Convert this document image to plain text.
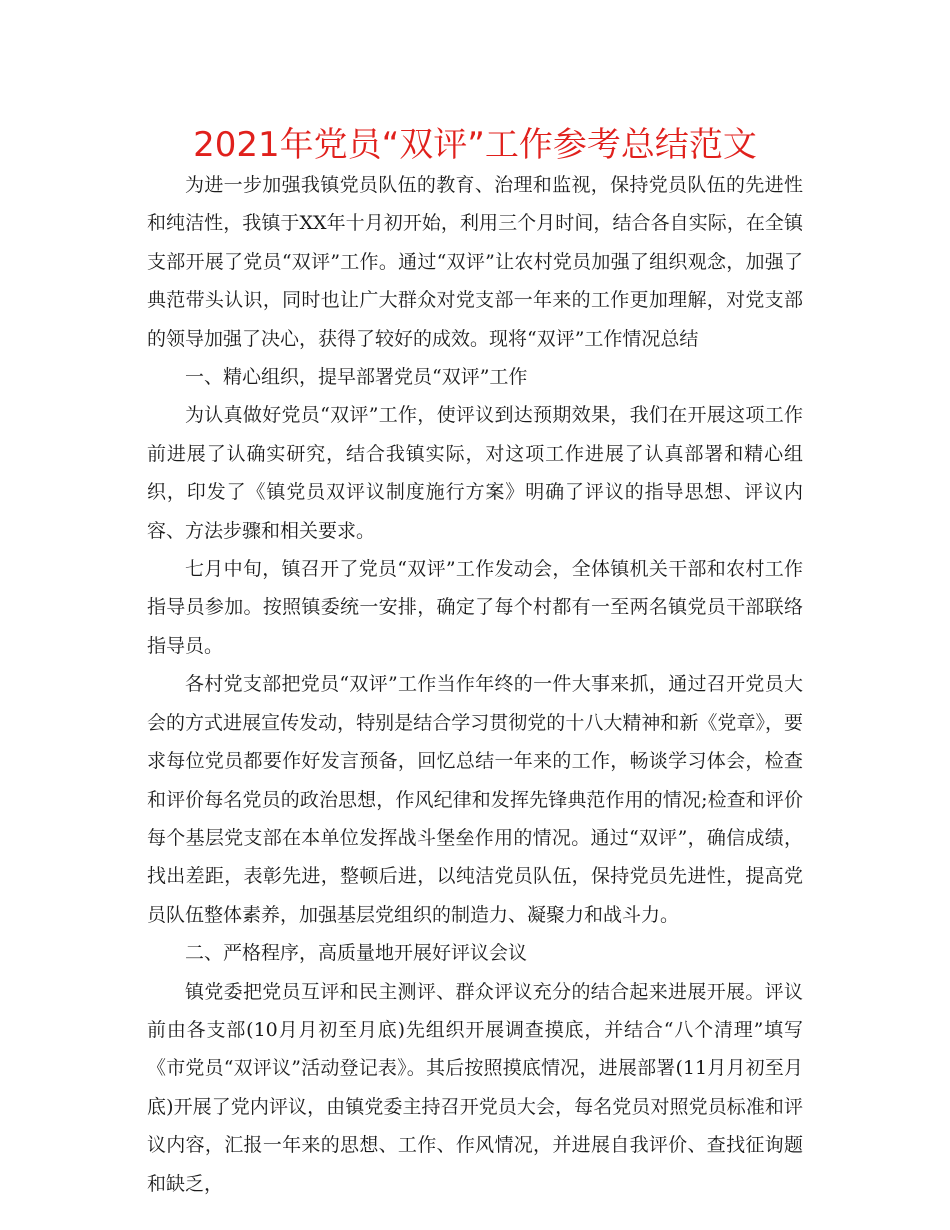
2021年党员“双评”工作参考总结范文

为进一步加强我镇党员队伍的教育、治理和监视，保持党员队伍的先进性和纯洁性，我镇于XX年十月初开始，利用三个月时间，结合各自实际，在全镇支部开展了党员“双评”工作。通过“双评”让农村党员加强了组织观念，加强了典范带头认识，同时也让广大群众对党支部一年来的工作更加理解，对党支部的领导加强了决心，获得了较好的成效。现将“双评”工作情况总结

一、精心组织，提早部署党员“双评”工作

为认真做好党员“双评”工作，使评议到达预期效果，我们在开展这项工作前进展了认确实研究，结合我镇实际，对这项工作进展了认真部署和精心组织，印发了《镇党员双评议制度施行方案》明确了评议的指导思想、评议内容、方法步骤和相关要求。

七月中旬，镇召开了党员“双评”工作发动会，全体镇机关干部和农村工作指导员参加。按照镇委统一安排，确定了每个村都有一至两名镇党员干部联络指导员。

各村党支部把党员“双评”工作当作年终的一件大事来抓，通过召开党员大会的方式进展宣传发动，特别是结合学习贯彻党的十八大精神和新《党章》，要求每位党员都要作好发言预备，回忆总结一年来的工作，畅谈学习体会，检查和评价每名党员的政治思想，作风纪律和发挥先锋典范作用的情况;检查和评价每个基层党支部在本单位发挥战斗堡垒作用的情况。通过“双评”，确信成绩，找出差距，表彰先进，整顿后进，以纯洁党员队伍，保持党员先进性，提高党员队伍整体素养，加强基层党组织的制造力、凝聚力和战斗力。

二、严格程序，高质量地开展好评议会议

镇党委把党员互评和民主测评、群众评议充分的结合起来进展开展。评议前由各支部(10月月初至月底)先组织开展调查摸底，并结合“八个清理”填写《市党员“双评议”活动登记表》。其后按照摸底情况，进展部署(11月月初至月底)开展了党内评议，由镇党委主持召开党员大会，每名党员对照党员标准和评议内容，汇报一年来的思想、工作、作风情况，并进展自我评价、查找征询题和缺乏，
